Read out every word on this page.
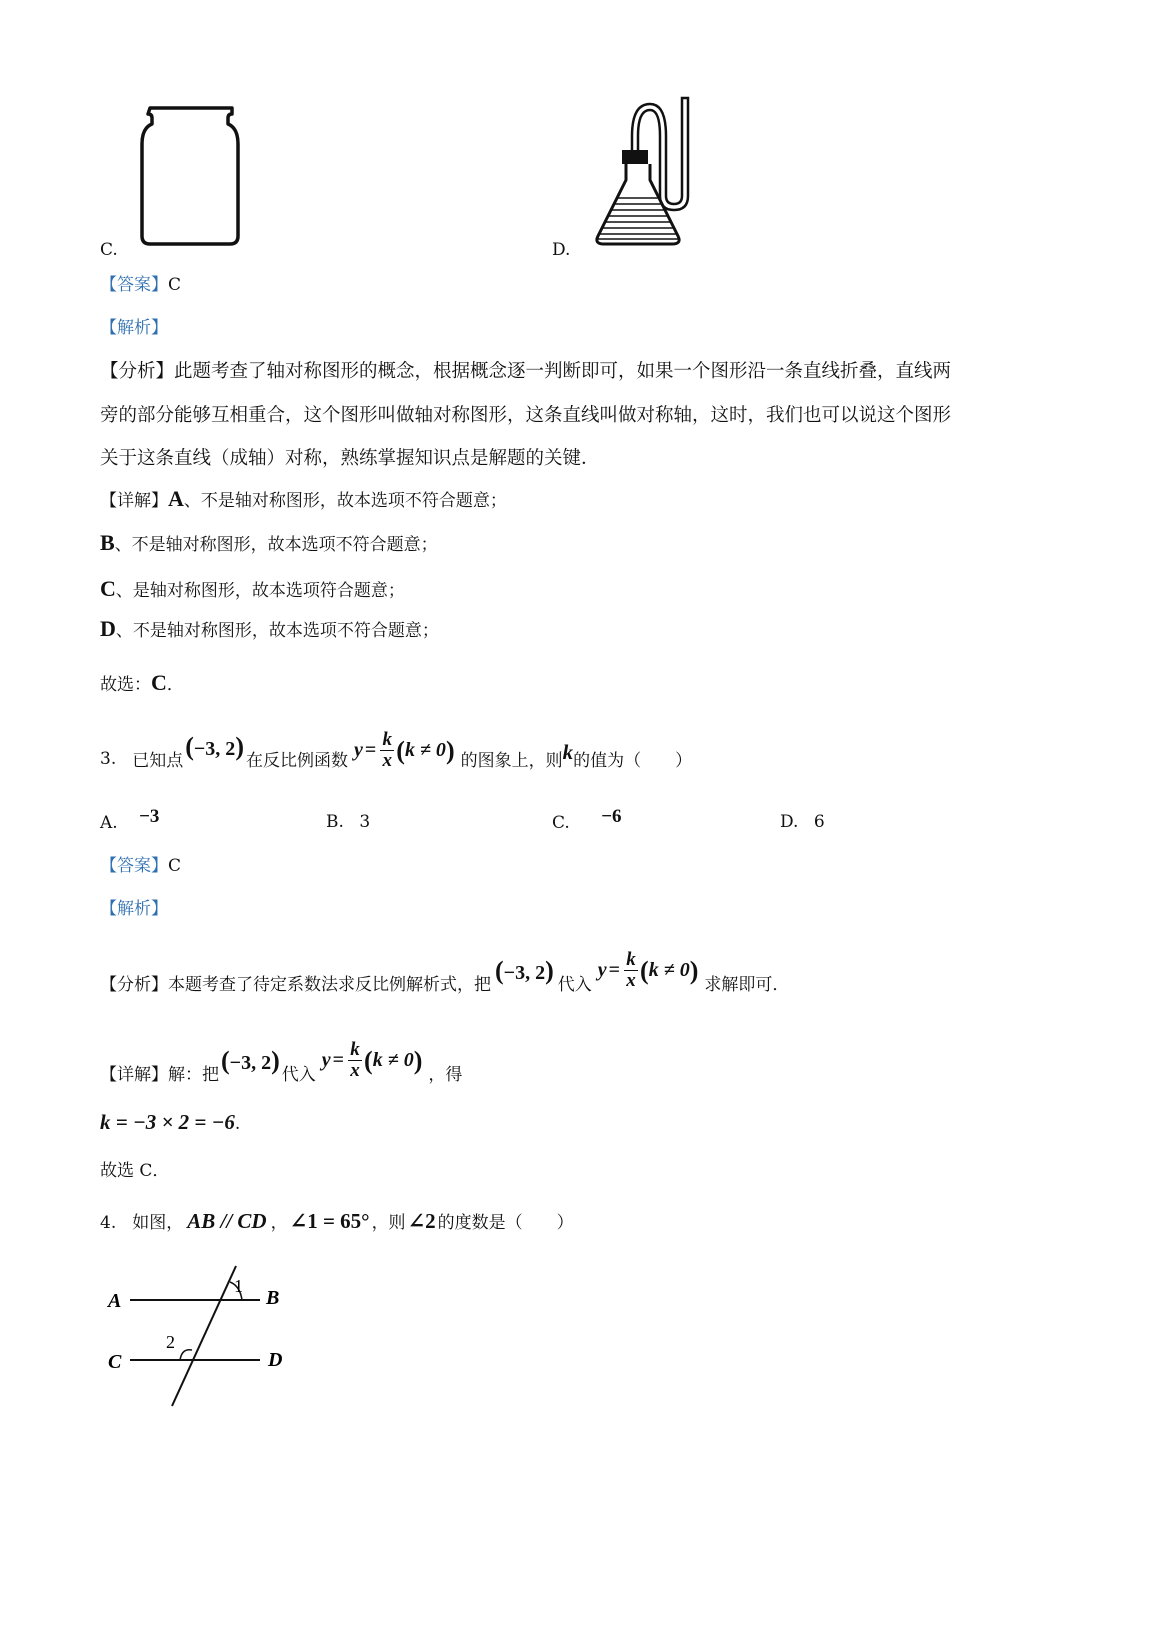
C.	D.
【答案】C
【解析】
【分析】此题考查了轴对称图形的概念，根据概念逐一判断即可，如果一个图形沿一条直线折叠，直线两
旁的部分能够互相重合，这个图形叫做轴对称图形，这条直线叫做对称轴，这时，我们也可以说这个图形
关于这条直线（成轴）对称，熟练掌握知识点是解题的关键．
【详解】A、不是轴对称图形，故本选项不符合题意；
B、不是轴对称图形，故本选项不符合题意；
C、是轴对称图形，故本选项符合题意；
D、不是轴对称图形，故本选项不符合题意；
故选：C．
3. 已知点
(−3, 2)
在反比例函数 $y = \frac{k}{x}$ ( k ≠ 0 ) 的图象上，则 k 的值为（　　）
A. −3	B. 3	C. −6	D. 6
【答案】C
【解析】
【分析】本题考查了待定系数法求反比例解析式，把
(−3, 2)
代入
$y = \frac{k}{x}$ ( k ≠ 0 )
求解即可．
【详解】解：把
(−3, 2)
代入
$y = \frac{k}{x}$ ( k ≠ 0 )
，得
k = −3 × 2 = −6.
故选 C．
4. 如图， AB // CD ， ∠1 = 65° ，则 ∠2 的度数是（　　）
A	B
C	D
1
2
